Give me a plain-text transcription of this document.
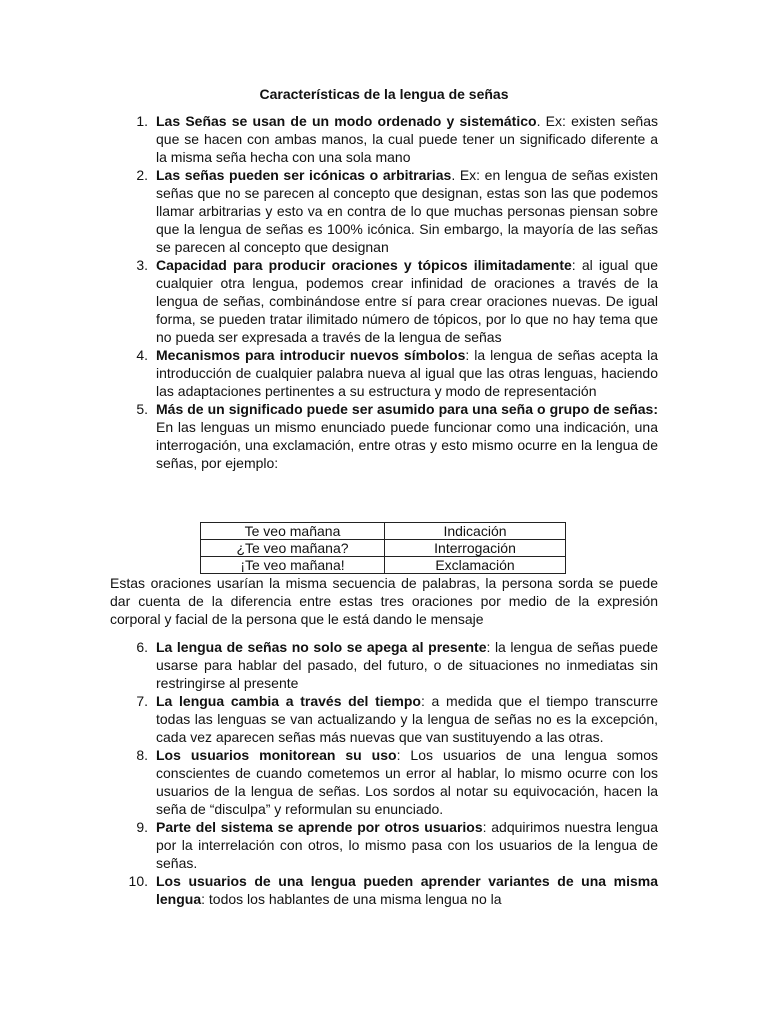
Características de la lengua de señas
1. Las Señas se usan de un modo ordenado y sistemático. Ex: existen señas que se hacen con ambas manos, la cual puede tener un significado diferente a la misma seña hecha con una sola mano
2. Las señas pueden ser icónicas o arbitrarias. Ex: en lengua de señas existen señas que no se parecen al concepto que designan, estas son las que podemos llamar arbitrarias y esto va en contra de lo que muchas personas piensan sobre que la lengua de señas es 100% icónica. Sin embargo, la mayoría de las señas se parecen al concepto que designan
3. Capacidad para producir oraciones y tópicos ilimitadamente: al igual que cualquier otra lengua, podemos crear infinidad de oraciones a través de la lengua de señas, combinándose entre sí para crear oraciones nuevas. De igual forma, se pueden tratar ilimitado número de tópicos, por lo que no hay tema que no pueda ser expresada a través de la lengua de señas
4. Mecanismos para introducir nuevos símbolos: la lengua de señas acepta la introducción de cualquier palabra nueva al igual que las otras lenguas, haciendo las adaptaciones pertinentes a su estructura y modo de representación
5. Más de un significado puede ser asumido para una seña o grupo de señas: En las lenguas un mismo enunciado puede funcionar como una indicación, una interrogación, una exclamación, entre otras y esto mismo ocurre en la lengua de señas, por ejemplo:
Te veo mañana	Indicación
¿Te veo mañana?	Interrogación
¡Te veo mañana!	Exclamación
Estas oraciones usarían la misma secuencia de palabras, la persona sorda se puede dar cuenta de la diferencia entre estas tres oraciones por medio de la expresión corporal y facial de la persona que le está dando le mensaje
6. La lengua de señas no solo se apega al presente: la lengua de señas puede usarse para hablar del pasado, del futuro, o de situaciones no inmediatas sin restringirse al presente
7. La lengua cambia a través del tiempo: a medida que el tiempo transcurre todas las lenguas se van actualizando y la lengua de señas no es la excepción, cada vez aparecen señas más nuevas que van sustituyendo a las otras.
8. Los usuarios monitorean su uso: Los usuarios de una lengua somos conscientes de cuando cometemos un error al hablar, lo mismo ocurre con los usuarios de la lengua de señas. Los sordos al notar su equivocación, hacen la seña de “disculpa” y reformulan su enunciado.
9. Parte del sistema se aprende por otros usuarios: adquirimos nuestra lengua por la interrelación con otros, lo mismo pasa con los usuarios de la lengua de señas.
10. Los usuarios de una lengua pueden aprender variantes de una misma lengua: todos los hablantes de una misma lengua no la
